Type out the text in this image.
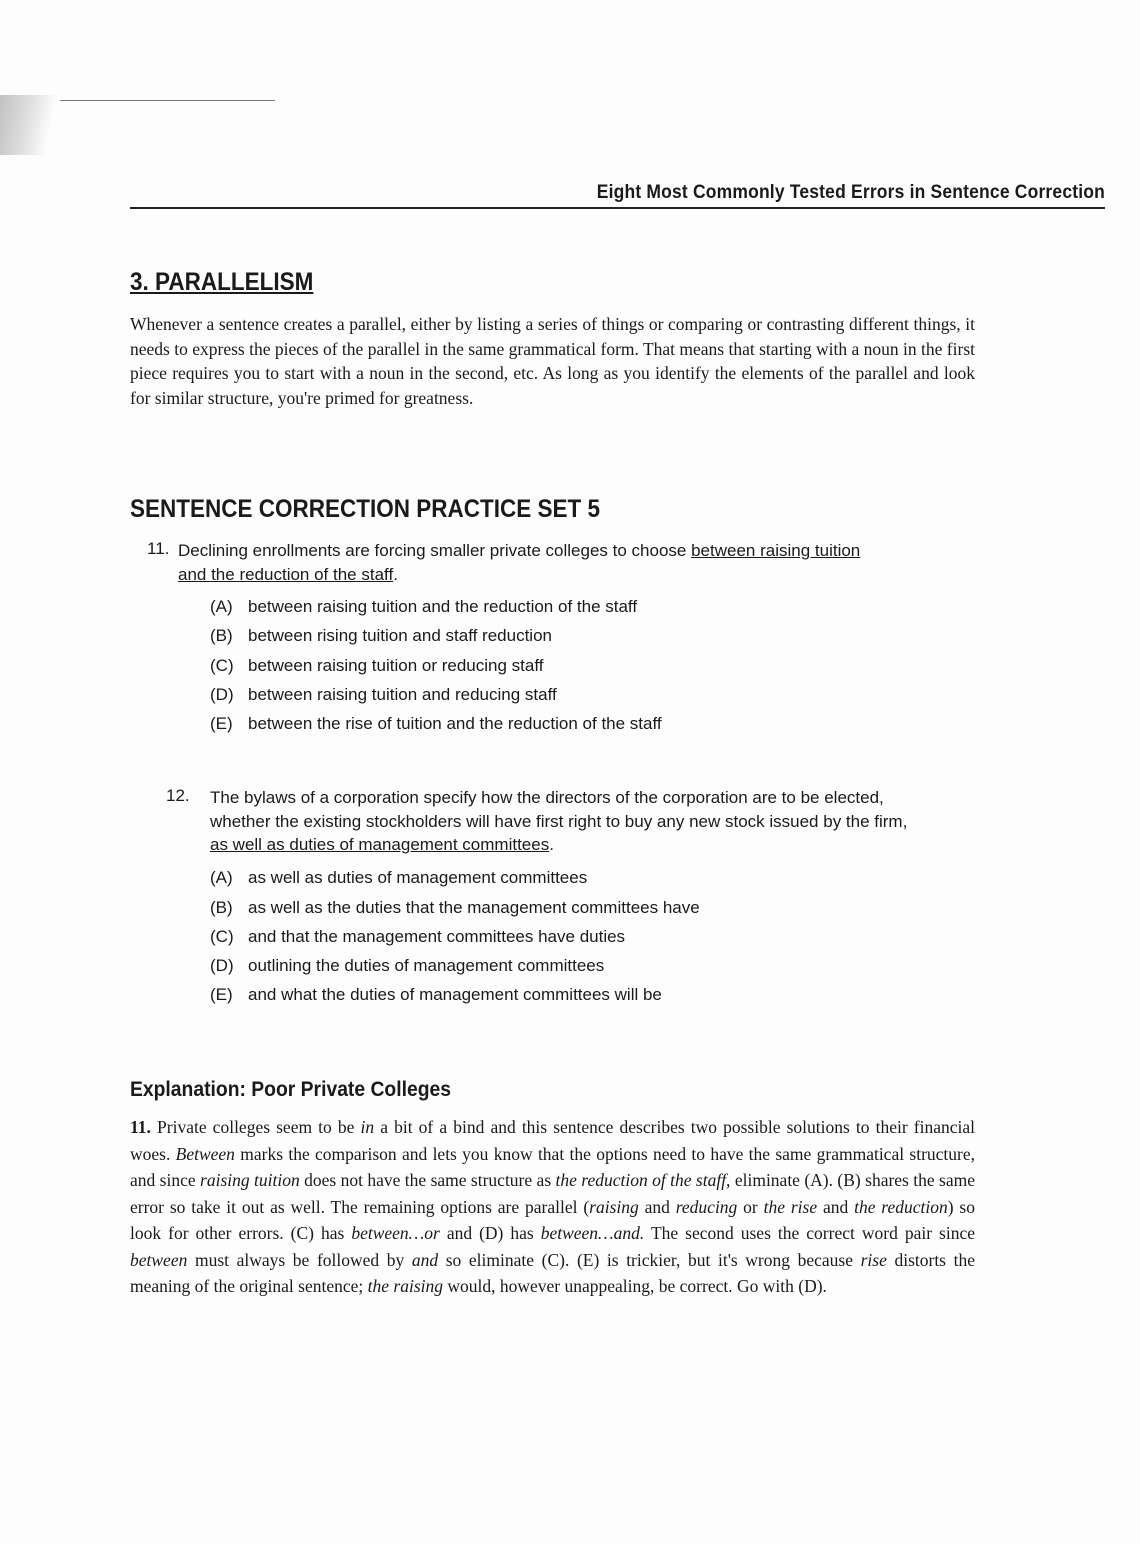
Eight Most Commonly Tested Errors in Sentence Correction
3. PARALLELISM
Whenever a sentence creates a parallel, either by listing a series of things or comparing or contrasting different things, it needs to express the pieces of the parallel in the same grammatical form. That means that starting with a noun in the first piece requires you to start with a noun in the second, etc. As long as you identify the elements of the parallel and look for similar structure, you're primed for greatness.
SENTENCE CORRECTION PRACTICE SET 5
11. Declining enrollments are forcing smaller private colleges to choose between raising tuition and the reduction of the staff.
(A) between raising tuition and the reduction of the staff
(B) between rising tuition and staff reduction
(C) between raising tuition or reducing staff
(D) between raising tuition and reducing staff
(E) between the rise of tuition and the reduction of the staff
12. The bylaws of a corporation specify how the directors of the corporation are to be elected, whether the existing stockholders will have first right to buy any new stock issued by the firm, as well as duties of management committees.
(A) as well as duties of management committees
(B) as well as the duties that the management committees have
(C) and that the management committees have duties
(D) outlining the duties of management committees
(E) and what the duties of management committees will be
Explanation: Poor Private Colleges
11. Private colleges seem to be in a bit of a bind and this sentence describes two possible solutions to their financial woes. Between marks the comparison and lets you know that the options need to have the same grammatical structure, and since raising tuition does not have the same structure as the reduction of the staff, eliminate (A). (B) shares the same error so take it out as well. The remaining options are parallel (raising and reducing or the rise and the reduction) so look for other errors. (C) has between…or and (D) has between…and. The second uses the correct word pair since between must always be followed by and so eliminate (C). (E) is trickier, but it's wrong because rise distorts the meaning of the original sentence; the raising would, however unappealing, be correct. Go with (D).
